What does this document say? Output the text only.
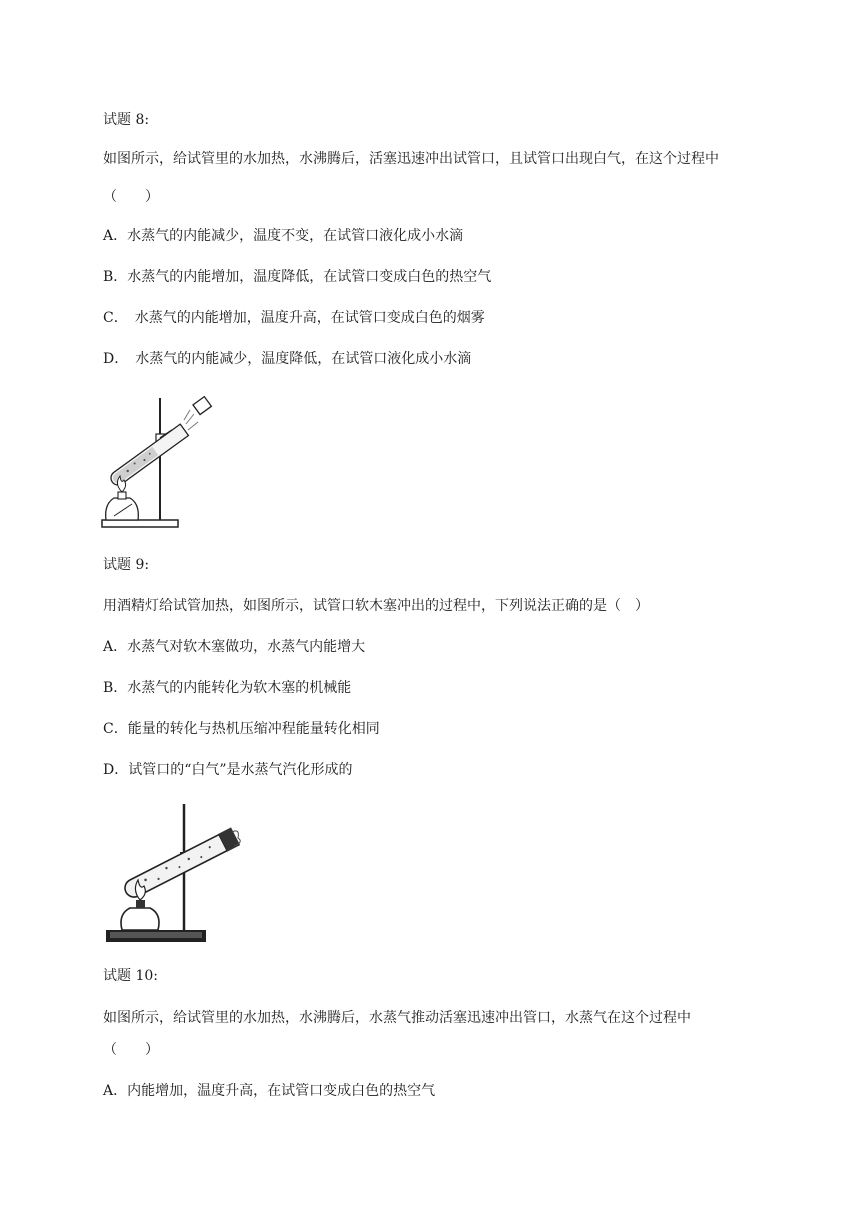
试题 8:
如图所示，给试管里的水加热，水沸腾后，活塞迅速冲出试管口，且试管口出现白气，在这个过程中（　　）
A．水蒸气的内能减少，温度不变，在试管口液化成小水滴
B．水蒸气的内能增加，温度降低，在试管口变成白色的热空气
C．　水蒸气的内能增加，温度升高，在试管口变成白色的烟雾
D．　水蒸气的内能减少，温度降低，在试管口液化成小水滴
试题 9:
用酒精灯给试管加热，如图所示，试管口软木塞冲出的过程中，下列说法正确的是（　）
A．水蒸气对软木塞做功，水蒸气内能增大
B．水蒸气的内能转化为软木塞的机械能
C．能量的转化与热机压缩冲程能量转化相同
D．试管口的“白气”是水蒸气汽化形成的
试题 10:
如图所示，给试管里的水加热，水沸腾后，水蒸气推动活塞迅速冲出管口，水蒸气在这个过程中
（　　）
A．内能增加，温度升高，在试管口变成白色的热空气
